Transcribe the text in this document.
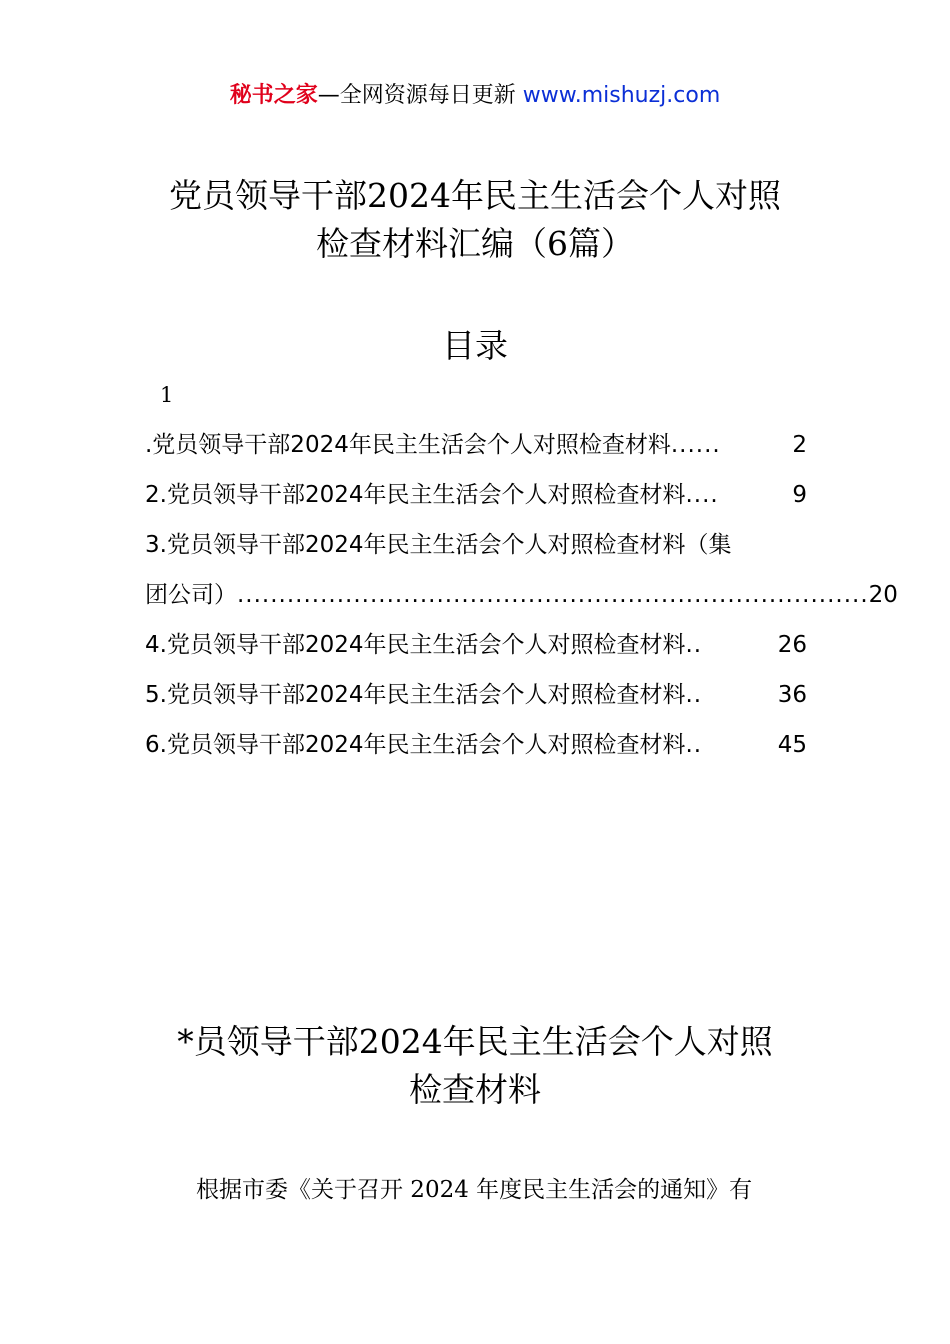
秘书之家—全网资源每日更新 www.mishuzj.com
党员领导干部2024年民主生活会个人对照
检查材料汇编（6篇）
目录
1
.党员领导干部2024年民主生活会个人对照检查材料 ......	2
2.党员领导干部2024年民主生活会个人对照检查材料 ....	9
3.党员领导干部2024年民主生活会个人对照检查材料（集
团公司） ............................................................................ 20
4.党员领导干部2024年民主生活会个人对照检查材料 ..	26
5.党员领导干部2024年民主生活会个人对照检查材料 ..	36
6.党员领导干部2024年民主生活会个人对照检查材料 ..	45
*员领导干部2024年民主生活会个人对照
检查材料
根据市委《关于召开 2024 年度民主生活会的通知》有
